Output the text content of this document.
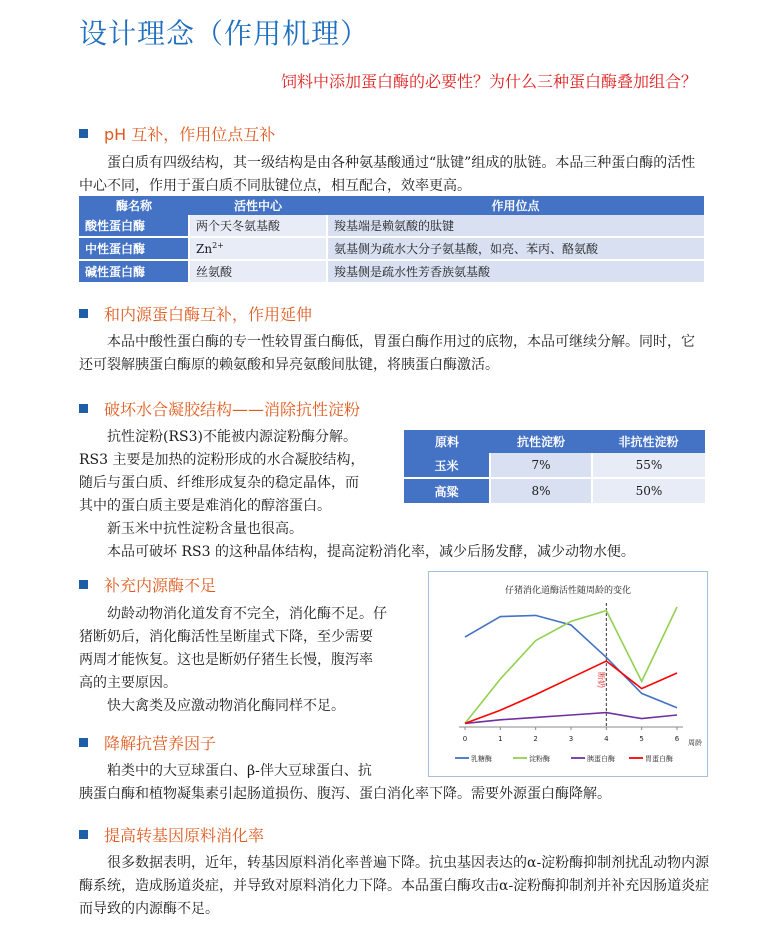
设计理念（作用机理）
饲料中添加蛋白酶的必要性？为什么三种蛋白酶叠加组合？
pH 互补，作用位点互补

蛋白质有四级结构，其一级结构是由各种氨基酸通过“肽键”组成的肽链。本品三种蛋白酶的活性中心不同，作用于蛋白质不同肽键位点，相互配合，效率更高。

酶名称	活性中心	作用位点
酸性蛋白酶	两个天冬氨基酸	羧基端是赖氨酸的肽键
中性蛋白酶	$Zn^{2+}$	氨基侧为疏水大分子氨基酸，如亮、苯丙、酪氨酸
碱性蛋白酶	丝氨酸	羧基侧是疏水性芳香族氨基酸
和内源蛋白酶互补，作用延伸

本品中酸性蛋白酶的专一性较胃蛋白酶低，胃蛋白酶作用过的底物，本品可继续分解。同时，它还可裂解胰蛋白酶原的赖氨酸和异亮氨酸间肽键，将胰蛋白酶激活。

破坏水合凝胶结构——消除抗性淀粉

抗性淀粉(RS3)不能被内源淀粉酶分解。

RS3 主要是加热的淀粉形成的水合凝胶结构，

随后与蛋白质、纤维形成复杂的稳定晶体，而

其中的蛋白质主要是难消化的醇溶蛋白。

新玉米中抗性淀粉含量也很高。

本品可破坏 RS3 的这种晶体结构，提高淀粉消化率，减少后肠发酵，减少动物水便。

原料	抗性淀粉	非抗性淀粉
玉米	7%	55%
高粱	8%	50%
补充内源酶不足

幼龄动物消化道发育不完全，消化酶不足。仔

猪断奶后，消化酶活性呈断崖式下降，至少需要

两周才能恢复。这也是断奶仔猪生长慢，腹泻率

高的主要原因。

快大禽类及应激动物消化酶同样不足。

降解抗营养因子

粕类中的大豆球蛋白、β-伴大豆球蛋白、抗

胰蛋白酶和植物凝集素引起肠道损伤、腹泻、蛋白消化率下降。需要外源蛋白酶降解。

提高转基因原料消化率

很多数据表明，近年，转基因原料消化率普遍下降。抗虫基因表达的α-淀粉酶抑制剂扰乱动物内源酶系统，造成肠道炎症，并导致对原料消化力下降。本品蛋白酶攻击α-淀粉酶抑制剂并补充因肠道炎症而导致的内源酶不足。

仔猪消化道酶活性随周龄的变化
0	1	2	3	4	5	6 周龄
断奶
乳糖酶	淀粉酶	胰蛋白酶	胃蛋白酶
